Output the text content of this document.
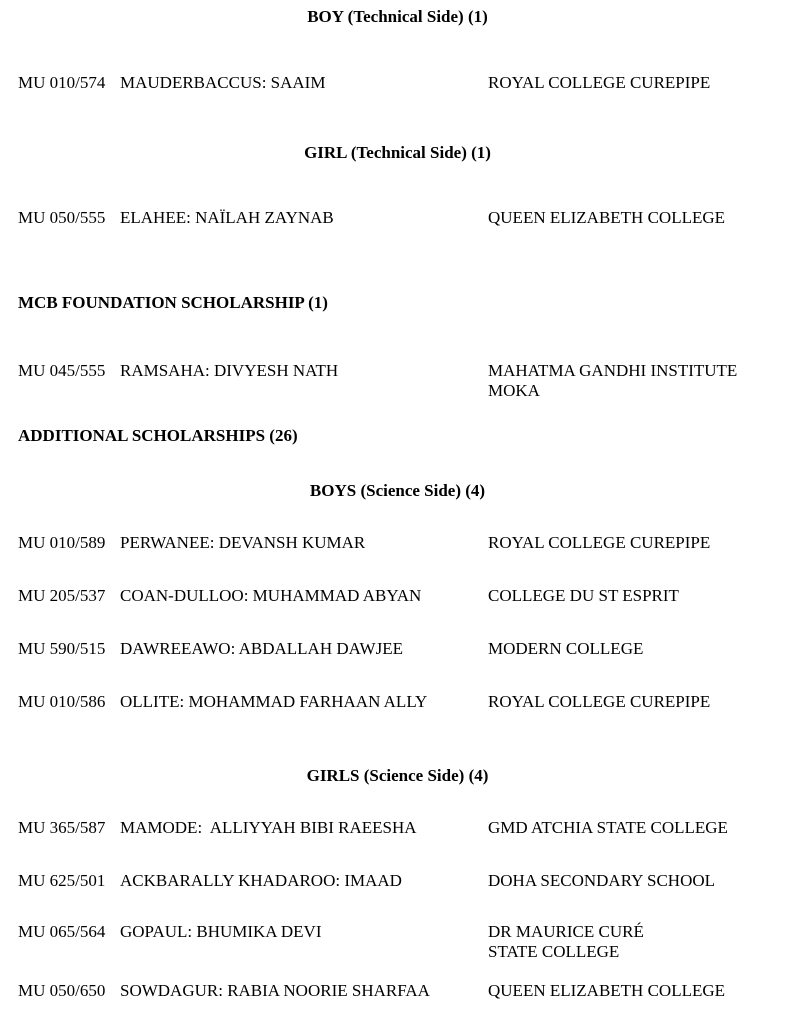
BOY (Technical Side) (1)
MU 010/574 MAUDERBACCUS: SAAIM	ROYAL COLLEGE CUREPIPE
GIRL (Technical Side) (1)
MU 050/555 ELAHEE: NAÏLAH ZAYNAB	QUEEN ELIZABETH COLLEGE
MCB FOUNDATION SCHOLARSHIP (1)
MU 045/555 RAMSAHA: DIVYESH NATH	MAHATMA GANDHI INSTITUTE
MOKA
ADDITIONAL SCHOLARSHIPS (26)
BOYS (Science Side) (4)
MU 010/589 PERWANEE: DEVANSH KUMAR	ROYAL COLLEGE CUREPIPE
MU 205/537 COAN-DULLOO: MUHAMMAD ABYAN	COLLEGE DU ST ESPRIT
MU 590/515 DAWREEAWO: ABDALLAH DAWJEE	MODERN COLLEGE
MU 010/586 OLLITE: MOHAMMAD FARHAAN ALLY	ROYAL COLLEGE CUREPIPE
GIRLS (Science Side) (4)
MU 365/587 MAMODE:  ALLIYYAH BIBI RAEESHA	GMD ATCHIA STATE COLLEGE
MU 625/501 ACKBARALLY KHADAROO: IMAAD	DOHA SECONDARY SCHOOL
MU 065/564 GOPAUL: BHUMIKA DEVI	DR MAURICE CURÉ
STATE COLLEGE
MU 050/650 SOWDAGUR: RABIA NOORIE SHARFAA	QUEEN ELIZABETH COLLEGE
